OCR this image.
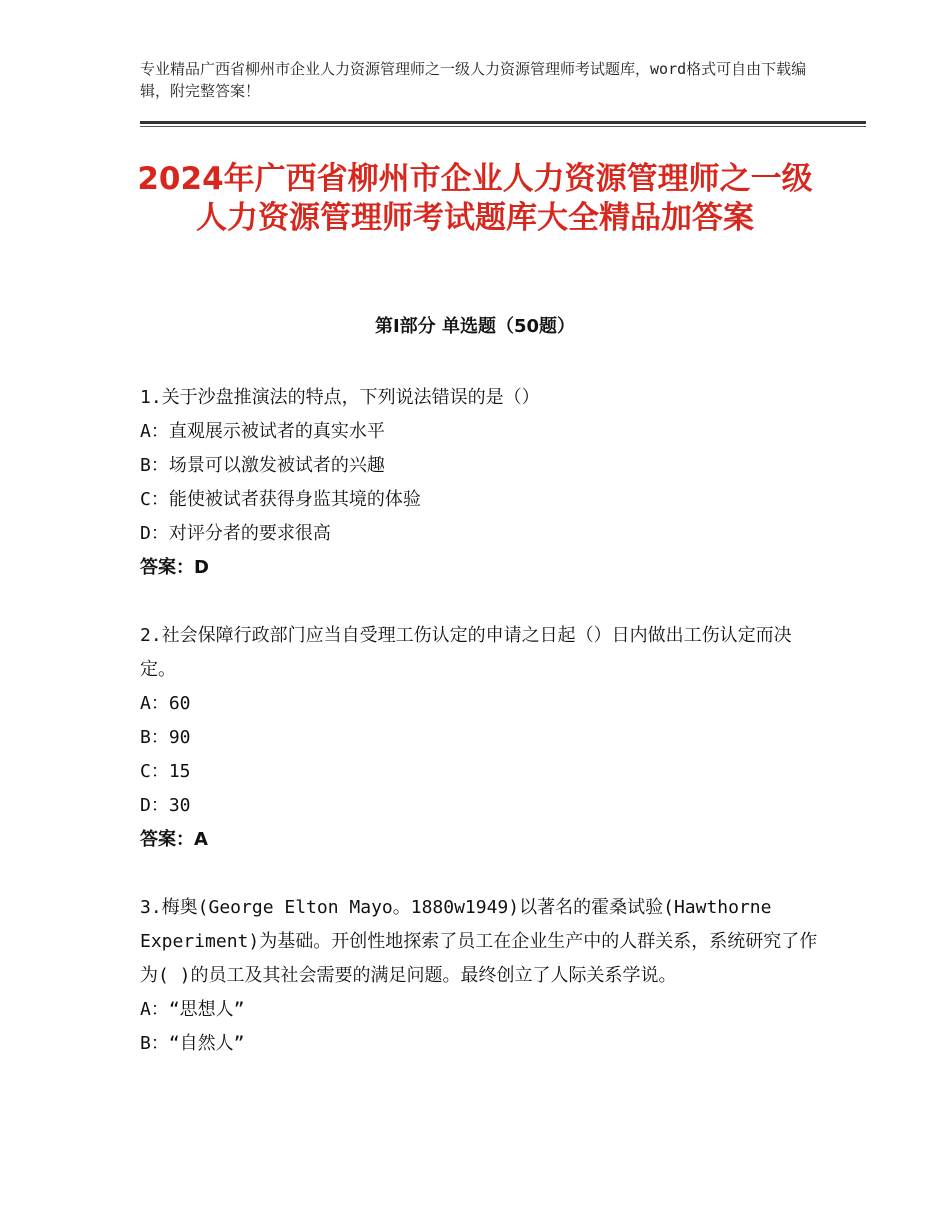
专业精品广西省柳州市企业人力资源管理师之一级人力资源管理师考试题库，word格式可自由下载编辑，附完整答案！
2024年广西省柳州市企业人力资源管理师之一级人力资源管理师考试题库大全精品加答案
第Ⅰ部分 单选题（50题）

1.关于沙盘推演法的特点，下列说法错误的是（）

A：直观展示被试者的真实水平

B：场景可以激发被试者的兴趣

C：能使被试者获得身监其境的体验

D：对评分者的要求很高

答案：D

2.社会保障行政部门应当自受理工伤认定的申请之日起（）日内做出工伤认定而决定。

A：60

B：90

C：15

D：30

答案：A

3.梅奥(George Elton Mayo。1880w1949)以著名的霍桑试验(Hawthorne Experiment)为基础。开创性地探索了员工在企业生产中的人群关系，系统研究了作为( )的员工及其社会需要的满足问题。最终创立了人际关系学说。

A：“思想人”

B：“自然人”
